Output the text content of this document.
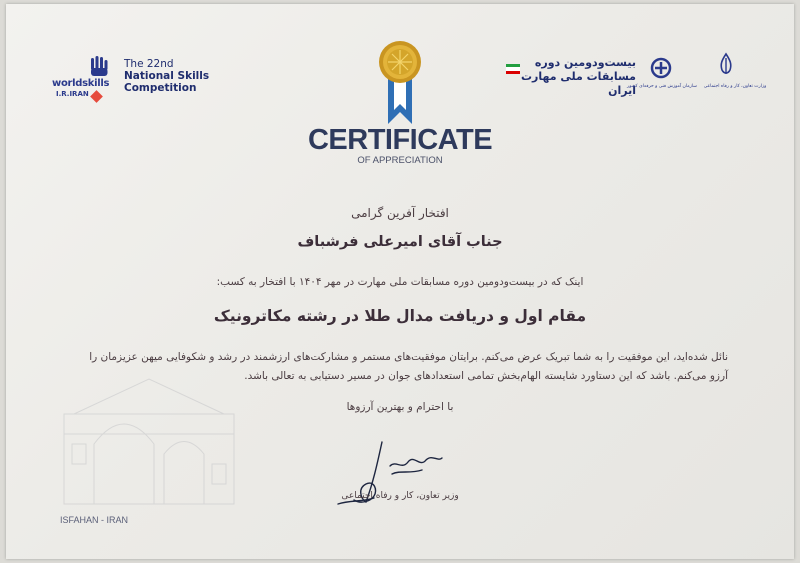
worldskills
I.R.IRAN
The 22nd
National Skills
Competition
بیست‌و‌دومین دوره
مسابقات ملی مهارت ایران
سازمان آموزش فنی و حرفه‌ای کشور	وزارت تعاون، کار و رفاه اجتماعی
CERTIFICATE
OF APPRECIATION
افتخار آفرین گرامی
جناب آقای امیرعلی فرشباف
اینک که در بیست‌و‌دومین دوره مسابقات ملی مهارت در مهر ۱۴۰۴ با افتخار به کسب:
مقام اول و دریافت مدال طلا در رشته مکاترونیک
نائل شده‌اید، این موفقیت را به شما تبریک عرض می‌کنم. برایتان موفقیت‌های مستمر و مشارکت‌های ارزشمند در رشد و شکوفایی میهن عزیزمان را
آرزو می‌کنم. باشد که این دستاورد شایسته الهام‌بخش تمامی استعدادهای جوان در مسیر دستیابی به تعالی باشد.
با احترام و بهترین آرزوها
وزیر تعاون، کار و رفاه اجتماعی
ISFAHAN - IRAN
